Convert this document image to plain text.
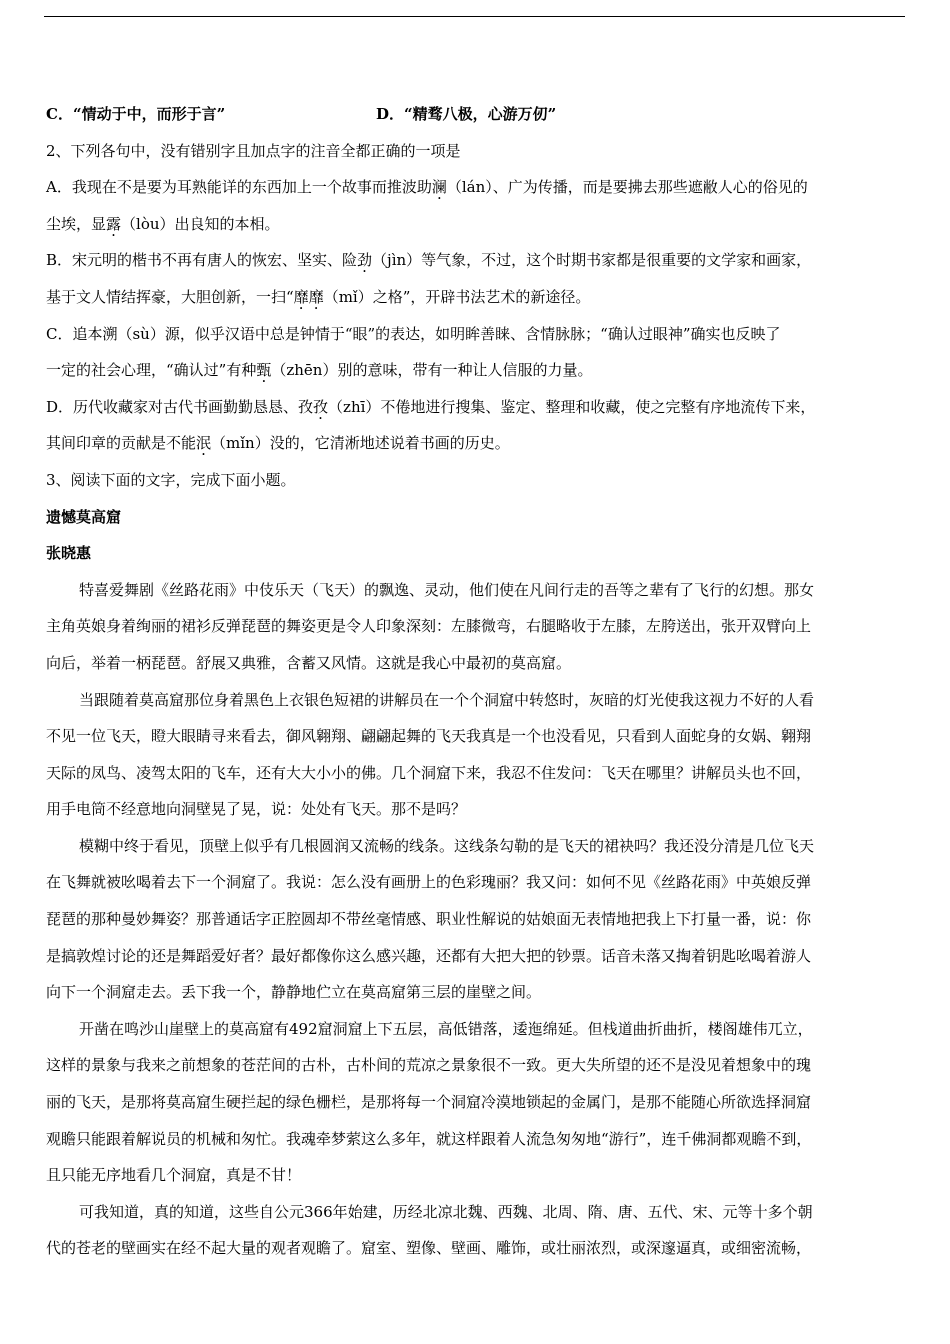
C．“情动于中，而形于言”	D．“精骛八极，心游万仞”
2、下列各句中，没有错别字且加点字的注音全都正确的一项是
A．我现在不是要为耳熟能详的东西加上一个故事而推波助澜（lán）、广为传播，而是要拂去那些遮敝人心的俗见的
尘埃，显露（lòu）出良知的本相。
B．宋元明的楷书不再有唐人的恢宏、坚实、险劲（jìn）等气象，不过，这个时期书家都是很重要的文学家和画家，
基于文人情结挥豪，大胆创新，一扫“靡靡（mǐ）之格”，开辟书法艺术的新途径。
C．追本溯（sù）源，似乎汉语中总是钟情于“眼”的表达，如明眸善睐、含情脉脉；“确认过眼神”确实也反映了
一定的社会心理，“确认过”有种甄（zhēn）别的意味，带有一种让人信服的力量。
D．历代收藏家对古代书画勤勤恳恳、孜孜（zhī）不倦地进行搜集、鉴定、整理和收藏，使之完整有序地流传下来，
其间印章的贡献是不能泯（mǐn）没的，它清淅地述说着书画的历史。
3、阅读下面的文字，完成下面小题。
遗憾莫高窟
张晓惠
特喜爱舞剧《丝路花雨》中伎乐天（飞天）的飘逸、灵动，他们使在凡间行走的吾等之辈有了飞行的幻想。那女
主角英娘身着绚丽的裙衫反弹琵琶的舞姿更是令人印象深刻：左膝微弯，右腿略收于左膝，左胯送出，张开双臂向上
向后，举着一柄琵琶。舒展又典雅，含蓄又风情。这就是我心中最初的莫高窟。
当跟随着莫高窟那位身着黑色上衣银色短裙的讲解员在一个个洞窟中转悠时，灰暗的灯光使我这视力不好的人看
不见一位飞天，瞪大眼睛寻来看去，御风翱翔、翩翩起舞的飞天我真是一个也没看见，只看到人面蛇身的女娲、翱翔
天际的凤鸟、凌驾太阳的飞车，还有大大小小的佛。几个洞窟下来，我忍不住发问：飞天在哪里？讲解员头也不回，
用手电筒不经意地向洞壁晃了晃，说：处处有飞天。那不是吗？
模糊中终于看见，顶壁上似乎有几根圆润又流畅的线条。这线条勾勒的是飞天的裙袂吗？我还没分清是几位飞天
在飞舞就被吆喝着去下一个洞窟了。我说：怎么没有画册上的色彩瑰丽？我又问：如何不见《丝路花雨》中英娘反弹
琵琶的那种曼妙舞姿？那普通话字正腔圆却不带丝毫情感、职业性解说的姑娘面无表情地把我上下打量一番，说：你
是搞敦煌讨论的还是舞蹈爱好者？最好都像你这么感兴趣，还都有大把大把的钞票。话音未落又掏着钥匙吆喝着游人
向下一个洞窟走去。丢下我一个，静静地伫立在莫高窟第三层的崖壁之间。
开凿在鸣沙山崖壁上的莫高窟有492窟洞窟上下五层，高低错落，逶迤绵延。但栈道曲折曲折，楼阁雄伟兀立，
这样的景象与我来之前想象的苍茫间的古朴，古朴间的荒凉之景象很不一致。更大失所望的还不是没见着想象中的瑰
丽的飞天，是那将莫高窟生硬拦起的绿色栅栏，是那将每一个洞窟冷漠地锁起的金属门，是那不能随心所欲选择洞窟
观瞻只能跟着解说员的机械和匆忙。我魂牵梦萦这么多年，就这样跟着人流急匆匆地“游行”，连千佛洞都观瞻不到，
且只能无序地看几个洞窟，真是不甘！
可我知道，真的知道，这些自公元366年始建，历经北凉北魏、西魏、北周、隋、唐、五代、宋、元等十多个朝
代的苍老的壁画实在经不起大量的观者观瞻了。窟室、塑像、壁画、雕饰，或壮丽浓烈，或深邃逼真，或细密流畅，
